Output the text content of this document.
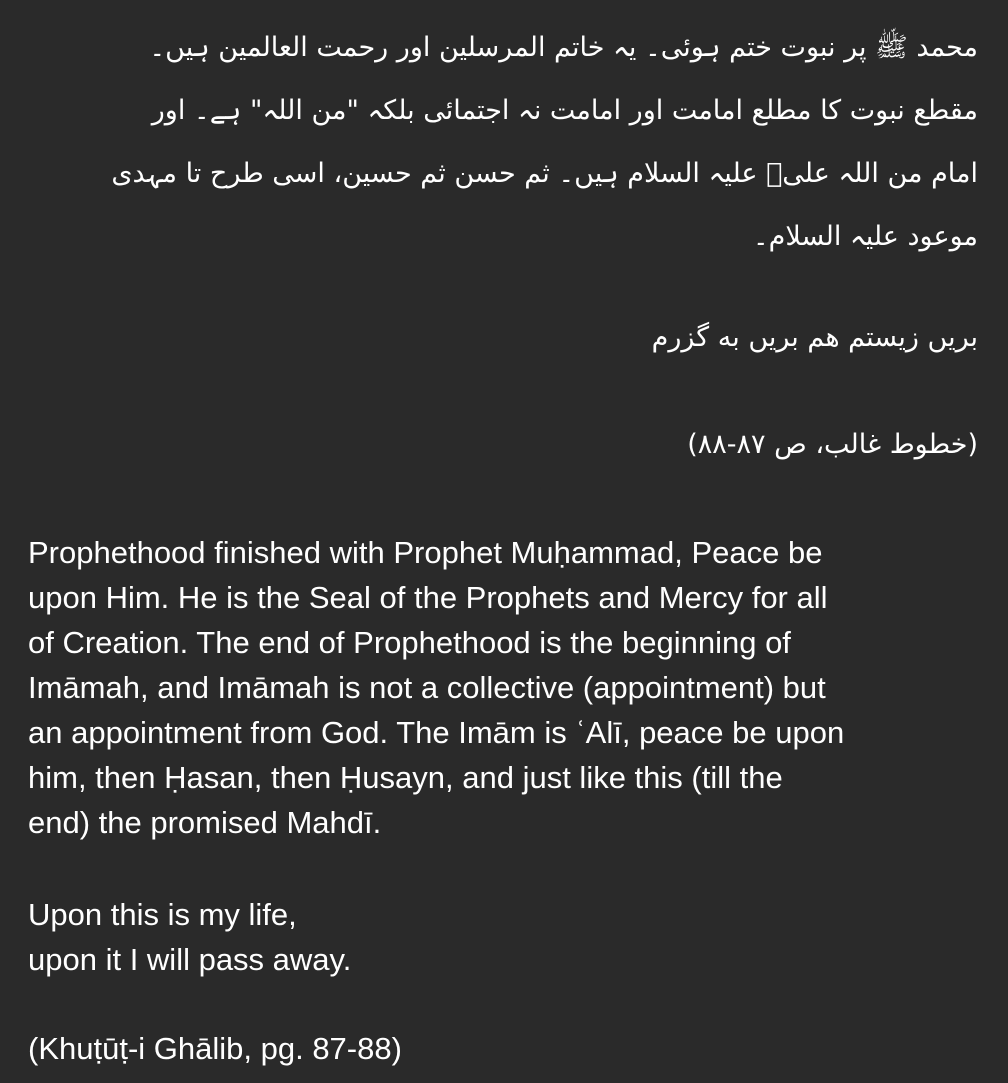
محمد ﷺ پر نبوت ختم ہوئی۔ یہ خاتم المرسلین اور رحمت العالمین ہیں۔
مقطع نبوت کا مطلع امامت اور امامت نہ اجتمائی بلکہ "من اللہ" ہے۔ اور
امام من اللہ علیؑ علیہ السلام ہیں۔ ثم حسن ثم حسین، اسی طرح تا مہدی
موعود علیہ السلام۔
بریں زیستم هم بریں به گزرم
(خطوط غالب، ص ۸۷-۸۸)
Prophethood finished with Prophet Muḥammad, Peace be
upon Him. He is the Seal of the Prophets and Mercy for all
of Creation. The end of Prophethood is the beginning of
Imāmah, and Imāmah is not a collective (appointment) but
an appointment from God. The Imām is ʿAlī, peace be upon
him, then Ḥasan, then Ḥusayn, and just like this (till the
end) the promised Mahdī.
Upon this is my life,
upon it I will pass away.
(Khuṭūṭ-i Ghālib, pg. 87-88)
